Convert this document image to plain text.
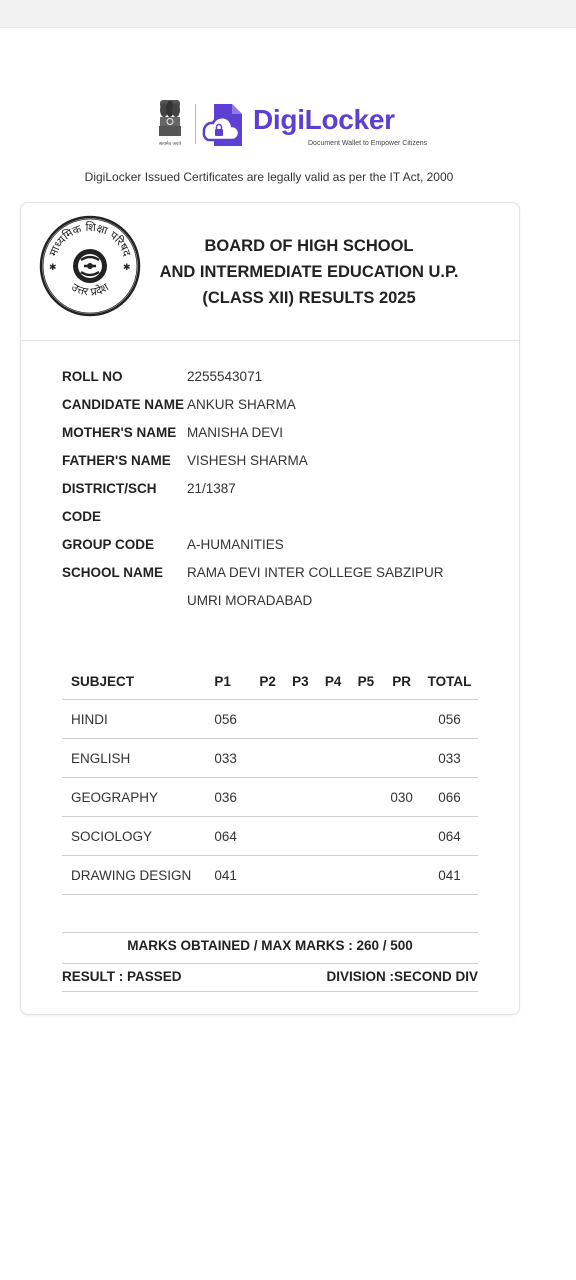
सत्यमेव जयते
DigiLocker
Document Wallet to Empower Citizens
DigiLocker Issued Certificates are legally valid as per the IT Act, 2000
माध्यमिक शिक्षा परिषद
उत्तर प्रदेश
✱	✱
BOARD OF HIGH SCHOOL
AND INTERMEDIATE EDUCATION U.P.
(CLASS XII) RESULTS 2025
ROLL NO	2255543071
CANDIDATE NAME ANKUR SHARMA
MOTHER'S NAME MANISHA DEVI
FATHER'S NAME	VISHESH SHARMA
DISTRICT/SCH CODE
21/1387
GROUP CODE	A-HUMANITIES
SCHOOL NAME	RAMA DEVI INTER COLLEGE SABZIPUR UMRI MORADABAD
SUBJECT	P1	P2	P3	P4	P5	PR	TOTAL
HINDI	056						056
ENGLISH	033						033
GEOGRAPHY	036					030	066
SOCIOLOGY	064						064
DRAWING DESIGN	041						041
MARKS OBTAINED / MAX MARKS : 260 / 500
RESULT : PASSED	DIVISION :SECOND DIV
